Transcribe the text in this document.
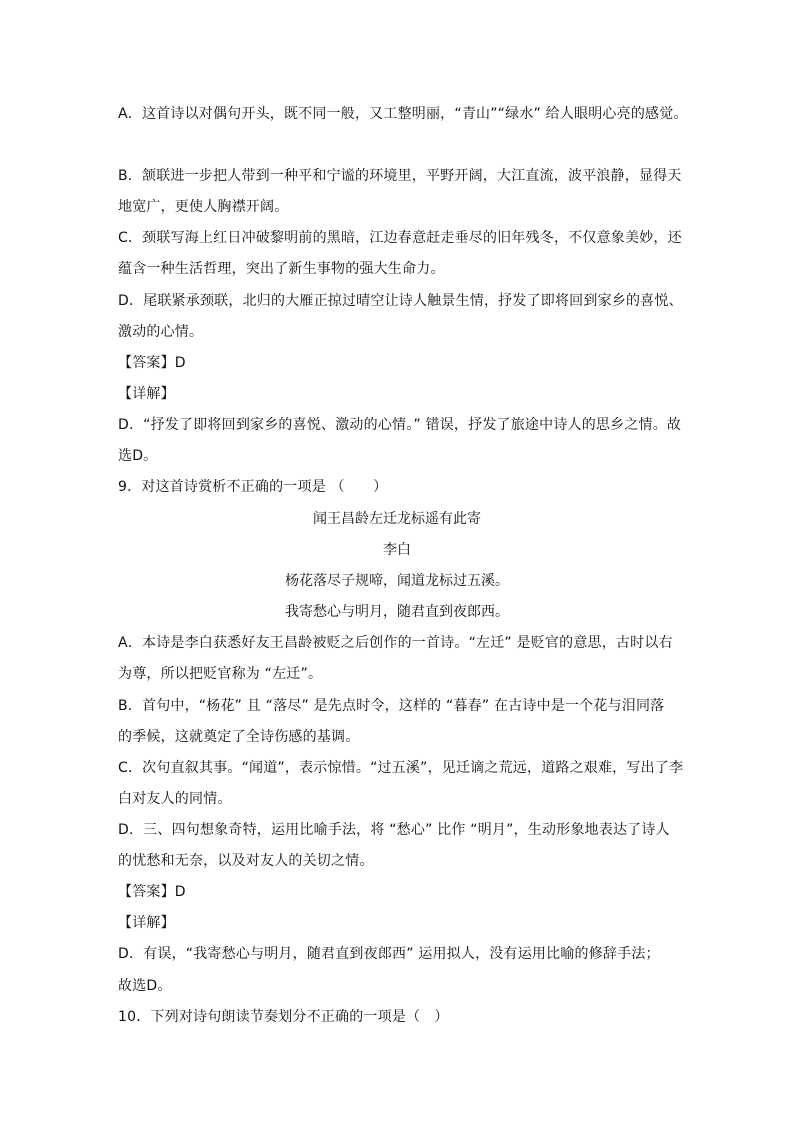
A．这首诗以对偶句开头，既不同一般，又工整明丽，“青山”“绿水” 给人眼明心亮的感觉。
B．颔联进一步把人带到一种平和宁谧的环境里，平野开阔，大江直流，波平浪静，显得天
地宽广，更使人胸襟开阔。
C．颈联写海上红日冲破黎明前的黑暗，江边春意赶走垂尽的旧年残冬，不仅意象美妙，还
蕴含一种生活哲理，突出了新生事物的强大生命力。
D．尾联紧承颈联，北归的大雁正掠过晴空让诗人触景生情，抒发了即将回到家乡的喜悦、
激动的心情。
【答案】D
【详解】
D．“抒发了即将回到家乡的喜悦、激动的心情。” 错误，抒发了旅途中诗人的思乡之情。故
选D。
9．对这首诗赏析不正确的一项是 （　　）
闻王昌龄左迁龙标遥有此寄
李白
杨花落尽子规啼，闻道龙标过五溪。
我寄愁心与明月，随君直到夜郎西。
A．本诗是李白获悉好友王昌龄被贬之后创作的一首诗。“左迁” 是贬官的意思，古时以右
为尊，所以把贬官称为 “左迁”。
B．首句中，“杨花” 且 “落尽” 是先点时令，这样的 “暮春” 在古诗中是一个花与泪同落
的季候，这就奠定了全诗伤感的基调。
C．次句直叙其事。“闻道”，表示惊惜。“过五溪”，见迁谪之荒远，道路之艰难，写出了李
白对友人的同情。
D．三、四句想象奇特，运用比喻手法，将 “愁心” 比作 “明月”，生动形象地表达了诗人
的忧愁和无奈，以及对友人的关切之情。
【答案】D
【详解】
D．有误，“我寄愁心与明月，随君直到夜郎西” 运用拟人，没有运用比喻的修辞手法；
故选D。
10．下列对诗句朗读节奏划分不正确的一项是（　）
